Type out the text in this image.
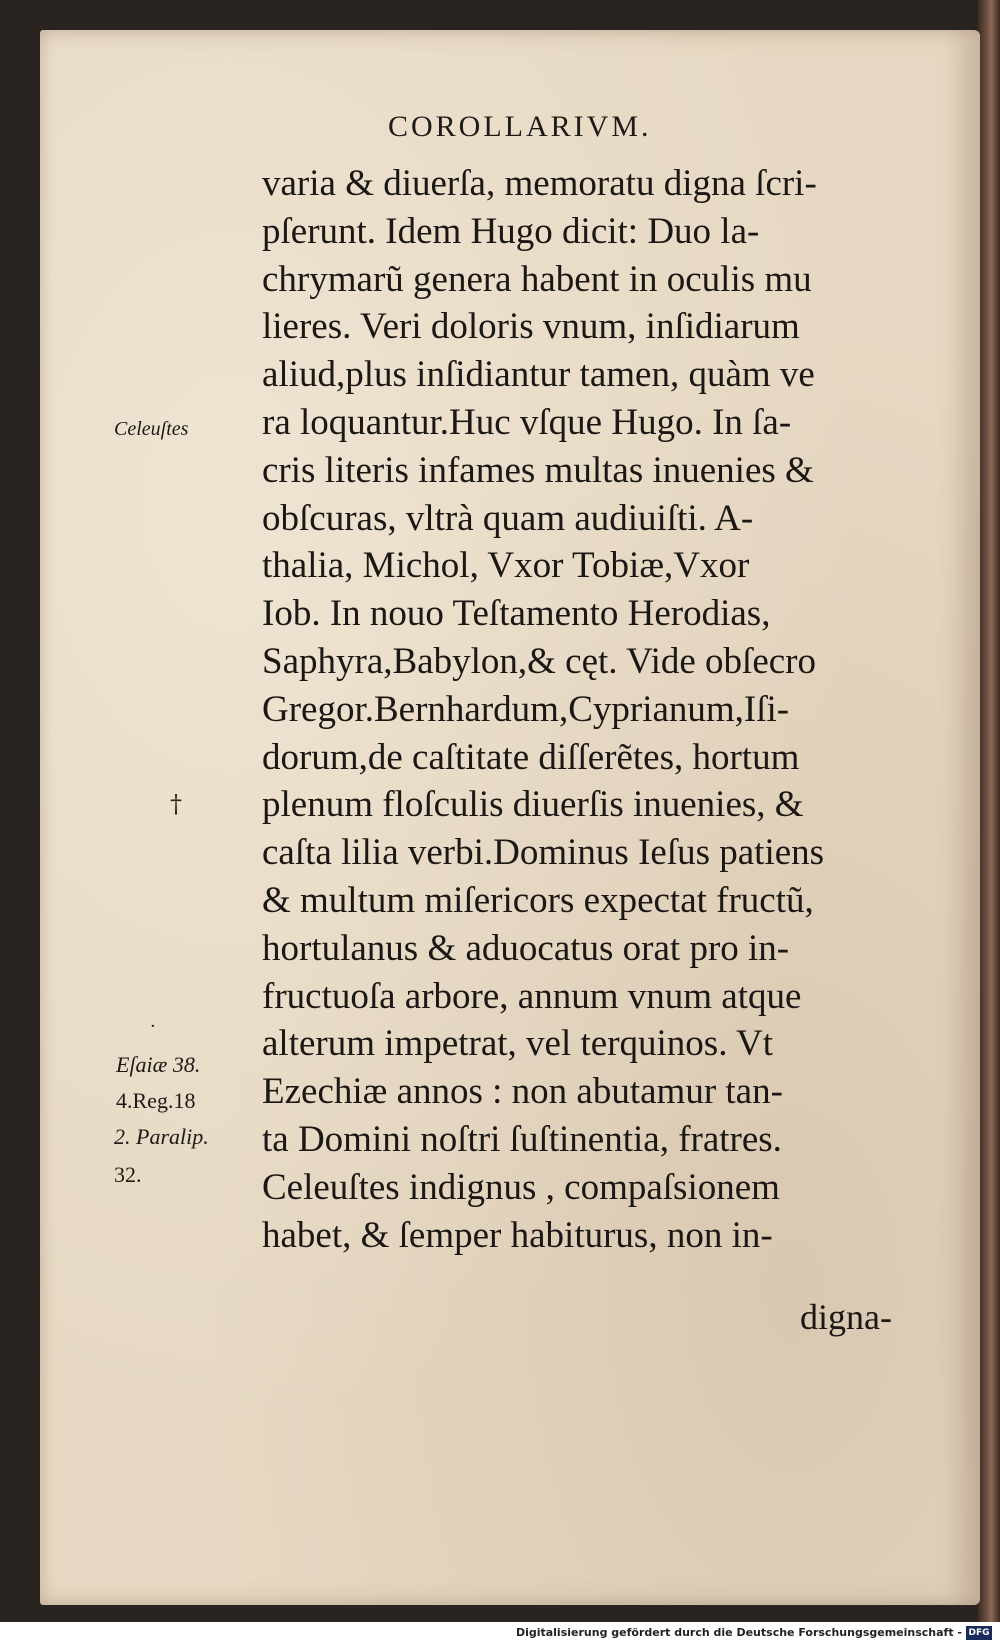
COROLLARIVM.
varia & diuerſa, memoratu digna ſcri-
pſerunt. Idem Hugo dicit: Duo la-
chrymarũ genera habent in oculis mu
lieres. Veri doloris vnum, inſidiarum
aliud,plus inſidiantur tamen, quàm ve
ra loquantur.Huc vſque Hugo. In ſa-
cris literis infames multas inuenies &
obſcuras, vltrà quam audiuiſti. A-
thalia, Michol, Vxor Tobiæ,Vxor
Iob. In nouo Teſtamento Herodias,
Saphyra,Babylon,& cęt. Vide obſecro
Gregor.Bernhardum,Cyprianum,Iſi-
dorum,de caſtitate diſſerẽtes, hortum
plenum floſculis diuerſis inuenies, &
caſta lilia verbi.Dominus Ieſus patiens
& multum miſericors expectat fructũ,
hortulanus & aduocatus orat pro in-
fructuoſa arbore, annum vnum atque
alterum impetrat, vel terquinos. Vt
Ezechiæ annos : non abutamur tan-
ta Domini noſtri ſuſtinentia, fratres.
Celeuſtes indignus , compaſsionem
habet, & ſemper habiturus, non in-
digna-
Celeuſtes
†
·
Eſaiæ 38.
4.Reg.18
2. Paralip.
32.
Digitalisierung gefördert durch die Deutsche Forschungsgemeinschaft - DFG
